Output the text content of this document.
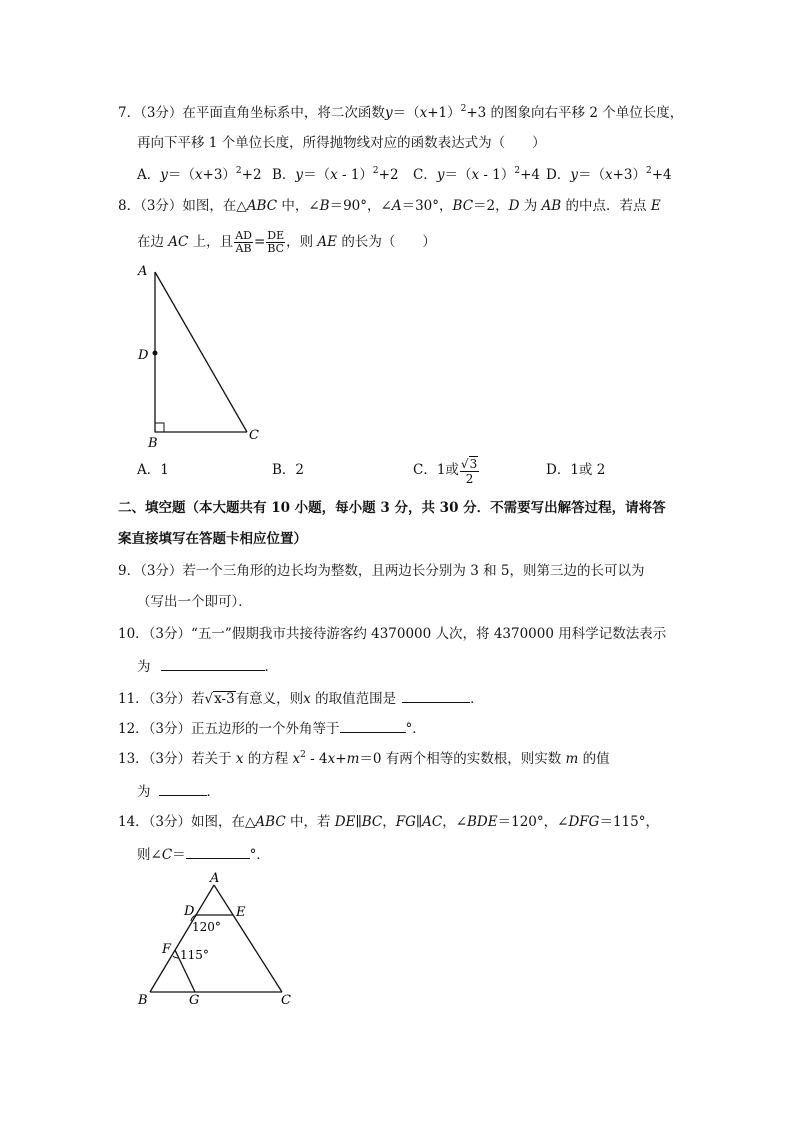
7．（3分）在平面直角坐标系中，将二次函数$y=(x+1)^2+3$ 的图象向右平移 2 个单位长度，
再向下平移 1 个单位长度，所得抛物线对应的函数表达式为（　　）
A．$y=(x+3)^2+2$ B．y＝（x - 1）$^2$+2 C．y＝（x - 1）$^2$+4 D．$y=(x+3)^2+4$
8．（3分）如图，在△ABC 中，∠B＝90°，∠A＝30°，BC＝2，D 为 AB 的中点．若点 E
在边 AC 上，且 $\frac{AD}{AB} = \frac{DE}{BC}$ ，则 AE 的长为（　　）
A
D
B
C
A．1	B．2	C．1或 $\frac{√3}{2}$	D．1或 2
二、填空题（本大题共有 10 小题，每小题 3 分，共 30 分．不需要写出解答过程，请将答
案直接填写在答题卡相应位置）
9．（3分）若一个三角形的边长均为整数，且两边长分别为 3 和 5，则第三边的长可以为
（写出一个即可）．
10．（3分）“五一”假期我市共接待游客约 4370000 人次，将 4370000 用科学记数法表示
为	．
11．（3分）若√x-3有意义，则x 的取值范围是	．
12．（3分）正五边形的一个外角等于	°．
13．（3分）若关于 x 的方程 $x^2 - 4x+m=0$ 有两个相等的实数根，则实数 m 的值
为	．
14．（3分）如图，在△ABC 中，若 DE∥BC，FG∥AC，∠BDE＝120°，∠DFG＝115°，
则∠C＝	°．
A
D	E
F
B	G	C
120°
115°
